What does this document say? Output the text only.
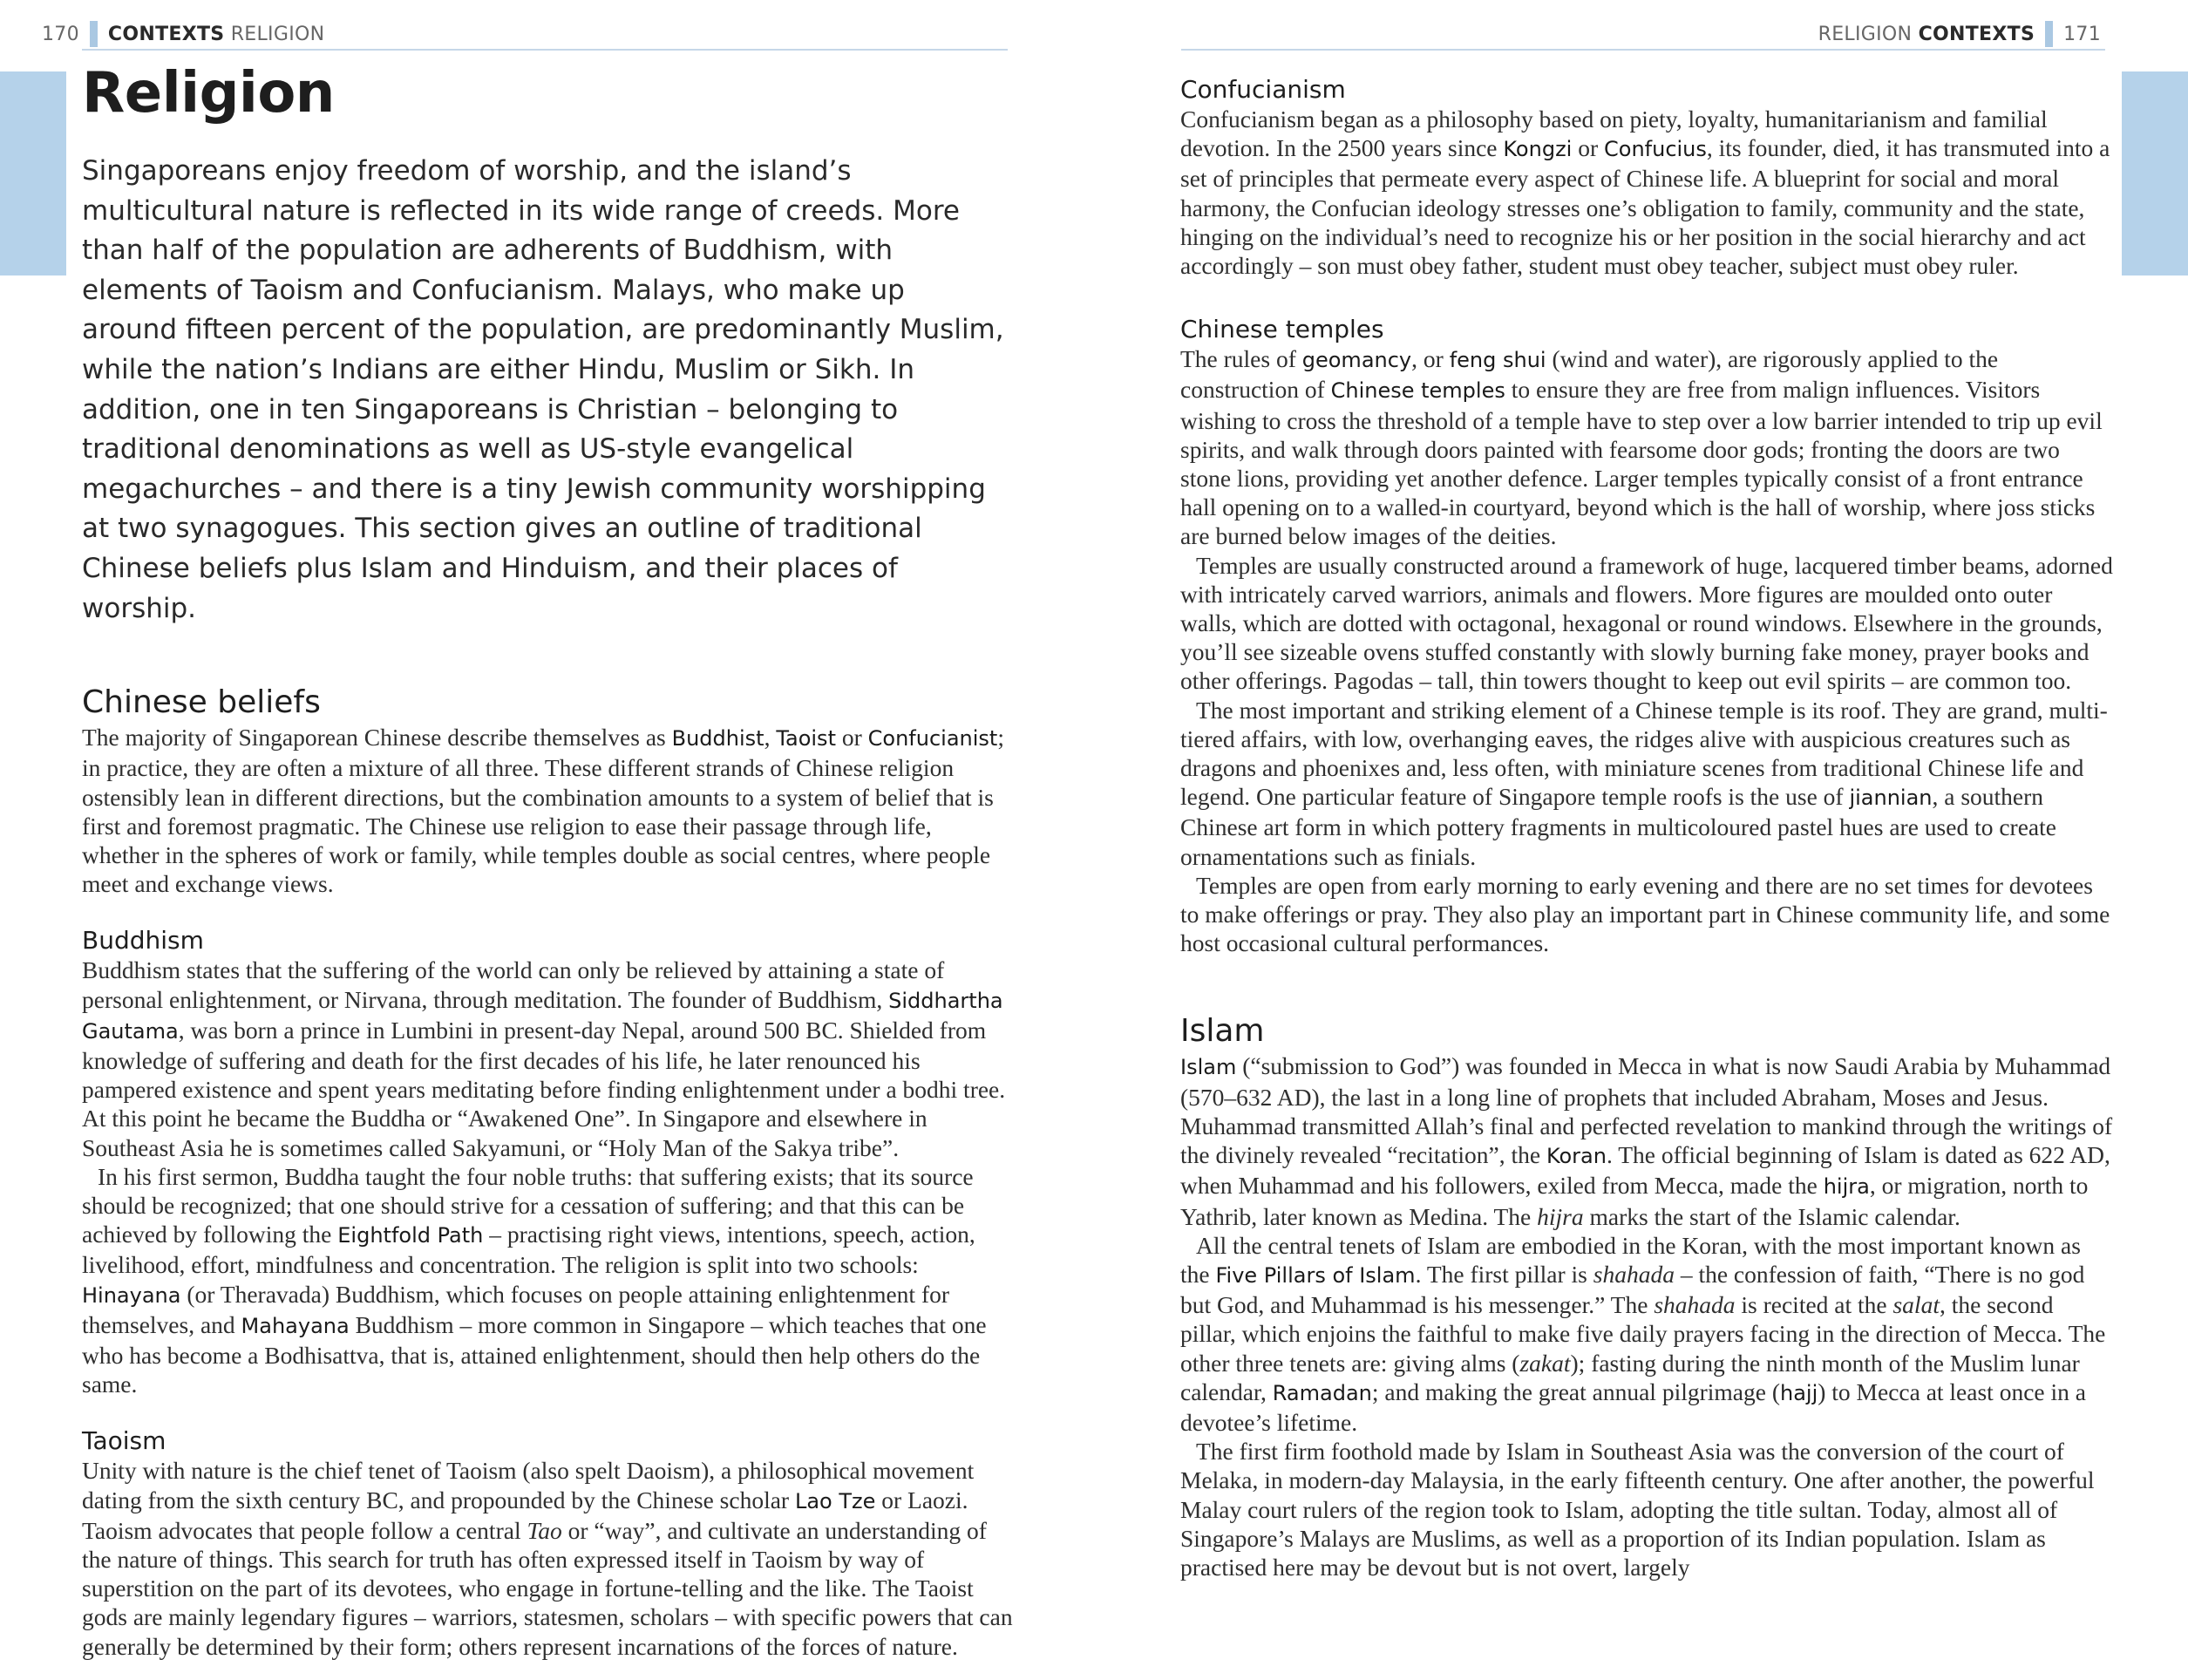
170 CONTEXTS RELIGION
Religion

Singaporeans enjoy freedom of worship, and the island’s multicultural nature is reflected in its wide range of creeds. More than half of the population are adherents of Buddhism, with elements of Taoism and Confucianism. Malays, who make up around fifteen percent of the population, are predominantly Muslim, while the nation’s Indians are either Hindu, Muslim or Sikh. In addition, one in ten Singaporeans is Christian – belonging to traditional denominations as well as US-style evangelical megachurches – and there is a tiny Jewish community worshipping at two synagogues. This section gives an outline of traditional Chinese beliefs plus Islam and Hinduism, and their places of worship.

Chinese beliefs

The majority of Singaporean Chinese describe themselves as Buddhist, Taoist or Confucianist; in practice, they are often a mixture of all three. These different strands of Chinese religion ostensibly lean in different directions, but the combination amounts to a system of belief that is first and foremost pragmatic. The Chinese use religion to ease their passage through life, whether in the spheres of work or family, while temples double as social centres, where people meet and exchange views.

Buddhism

Buddhism states that the suffering of the world can only be relieved by attaining a state of personal enlightenment, or Nirvana, through meditation. The founder of Buddhism, Siddhartha Gautama, was born a prince in Lumbini in present-day Nepal, around 500 BC. Shielded from knowledge of suffering and death for the first decades of his life, he later renounced his pampered existence and spent years meditating before finding enlightenment under a bodhi tree. At this point he became the Buddha or “Awakened One”. In Singapore and elsewhere in Southeast Asia he is sometimes called Sakyamuni, or “Holy Man of the Sakya tribe”.

In his first sermon, Buddha taught the four noble truths: that suffering exists; that its source should be recognized; that one should strive for a cessation of suffering; and that this can be achieved by following the Eightfold Path – practising right views, intentions, speech, action, livelihood, effort, mindfulness and concentration. The religion is split into two schools: Hinayana (or Theravada) Buddhism, which focuses on people attaining enlightenment for themselves, and Mahayana Buddhism – more common in Singapore – which teaches that one who has become a Bodhisattva, that is, attained enlightenment, should then help others do the same.

Taoism

Unity with nature is the chief tenet of Taoism (also spelt Daoism), a philosophical movement dating from the sixth century BC, and propounded by the Chinese scholar Lao Tze or Laozi. Taoism advocates that people follow a central Tao or “way”, and cultivate an understanding of the nature of things. This search for truth has often expressed itself in Taoism by way of superstition on the part of its devotees, who engage in fortune-telling and the like. The Taoist gods are mainly legendary figures – warriors, statesmen, scholars – with specific powers that can generally be determined by their form; others represent incarnations of the forces of nature.

RELIGION CONTEXTS 171
Confucianism

Confucianism began as a philosophy based on piety, loyalty, humanitarianism and familial devotion. In the 2500 years since Kongzi or Confucius, its founder, died, it has transmuted into a set of principles that permeate every aspect of Chinese life. A blueprint for social and moral harmony, the Confucian ideology stresses one’s obligation to family, community and the state, hinging on the individual’s need to recognize his or her position in the social hierarchy and act accordingly – son must obey father, student must obey teacher, subject must obey ruler.

Chinese temples

The rules of geomancy, or feng shui (wind and water), are rigorously applied to the construction of Chinese temples to ensure they are free from malign influences. Visitors wishing to cross the threshold of a temple have to step over a low barrier intended to trip up evil spirits, and walk through doors painted with fearsome door gods; fronting the doors are two stone lions, providing yet another defence. Larger temples typically consist of a front entrance hall opening on to a walled-in courtyard, beyond which is the hall of worship, where joss sticks are burned below images of the deities.

Temples are usually constructed around a framework of huge, lacquered timber beams, adorned with intricately carved warriors, animals and flowers. More figures are moulded onto outer walls, which are dotted with octagonal, hexagonal or round windows. Elsewhere in the grounds, you’ll see sizeable ovens stuffed constantly with slowly burning fake money, prayer books and other offerings. Pagodas – tall, thin towers thought to keep out evil spirits – are common too.

The most important and striking element of a Chinese temple is its roof. They are grand, multi-tiered affairs, with low, overhanging eaves, the ridges alive with auspicious creatures such as dragons and phoenixes and, less often, with miniature scenes from traditional Chinese life and legend. One particular feature of Singapore temple roofs is the use of jiannian, a southern Chinese art form in which pottery fragments in multicoloured pastel hues are used to create ornamentations such as finials.

Temples are open from early morning to early evening and there are no set times for devotees to make offerings or pray. They also play an important part in Chinese community life, and some host occasional cultural performances.

Islam

Islam (“submission to God”) was founded in Mecca in what is now Saudi Arabia by Muhammad (570–632 AD), the last in a long line of prophets that included Abraham, Moses and Jesus. Muhammad transmitted Allah’s final and perfected revelation to mankind through the writings of the divinely revealed “recitation”, the Koran. The official beginning of Islam is dated as 622 AD, when Muhammad and his followers, exiled from Mecca, made the hijra, or migration, north to Yathrib, later known as Medina. The hijra marks the start of the Islamic calendar.

All the central tenets of Islam are embodied in the Koran, with the most important known as the Five Pillars of Islam. The first pillar is shahada – the confession of faith, “There is no god but God, and Muhammad is his messenger.” The shahada is recited at the salat, the second pillar, which enjoins the faithful to make five daily prayers facing in the direction of Mecca. The other three tenets are: giving alms (zakat); fasting during the ninth month of the Muslim lunar calendar, Ramadan; and making the great annual pilgrimage (hajj) to Mecca at least once in a devotee’s lifetime.

The first firm foothold made by Islam in Southeast Asia was the conversion of the court of Melaka, in modern-day Malaysia, in the early fifteenth century. One after another, the powerful Malay court rulers of the region took to Islam, adopting the title sultan. Today, almost all of Singapore’s Malays are Muslims, as well as a proportion of its Indian population. Islam as practised here may be devout but is not overt, largely
